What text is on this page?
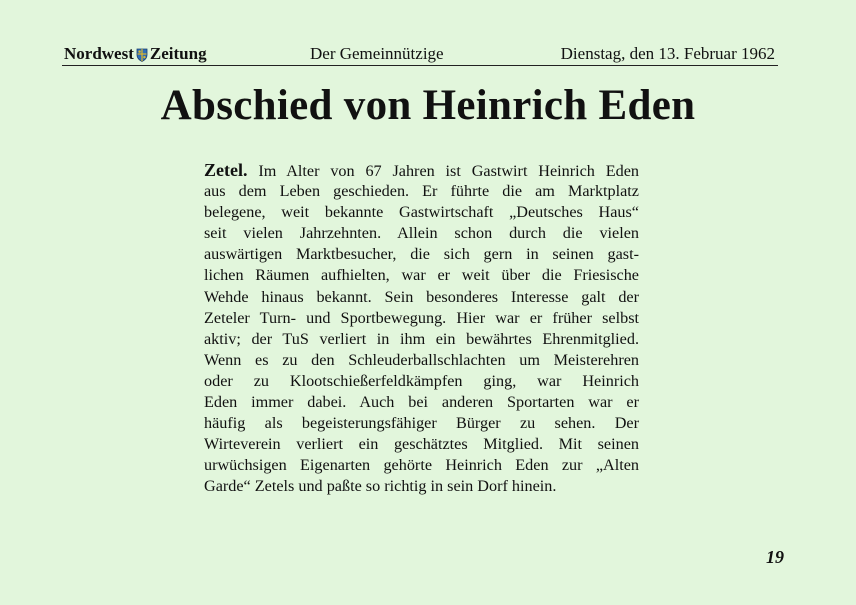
Nordwest Zeitung	Der Gemeinnützige	Dienstag, den 13. Februar 1962
Abschied von Heinrich Eden
Zetel. Im Alter von 67 Jahren ist Gastwirt Heinrich Eden
aus dem Leben geschieden. Er führte die am Marktplatz
belegene, weit bekannte Gastwirtschaft „Deutsches Haus“
seit vielen Jahrzehnten. Allein schon durch die vielen
auswärtigen Marktbesucher, die sich gern in seinen gast-
lichen Räumen aufhielten, war er weit über die Friesische
Wehde hinaus bekannt. Sein besonderes Interesse galt der
Zeteler Turn- und Sportbewegung. Hier war er früher selbst
aktiv; der TuS verliert in ihm ein bewährtes Ehrenmitglied.
Wenn es zu den Schleuderballschlachten um Meisterehren
oder zu Klootschießerfeldkämpfen ging, war Heinrich
Eden immer dabei. Auch bei anderen Sportarten war er
häufig als begeisterungsfähiger Bürger zu sehen. Der
Wirteverein verliert ein geschätztes Mitglied. Mit seinen
urwüchsigen Eigenarten gehörte Heinrich Eden zur „Alten
Garde“ Zetels und paßte so richtig in sein Dorf hinein.
19
